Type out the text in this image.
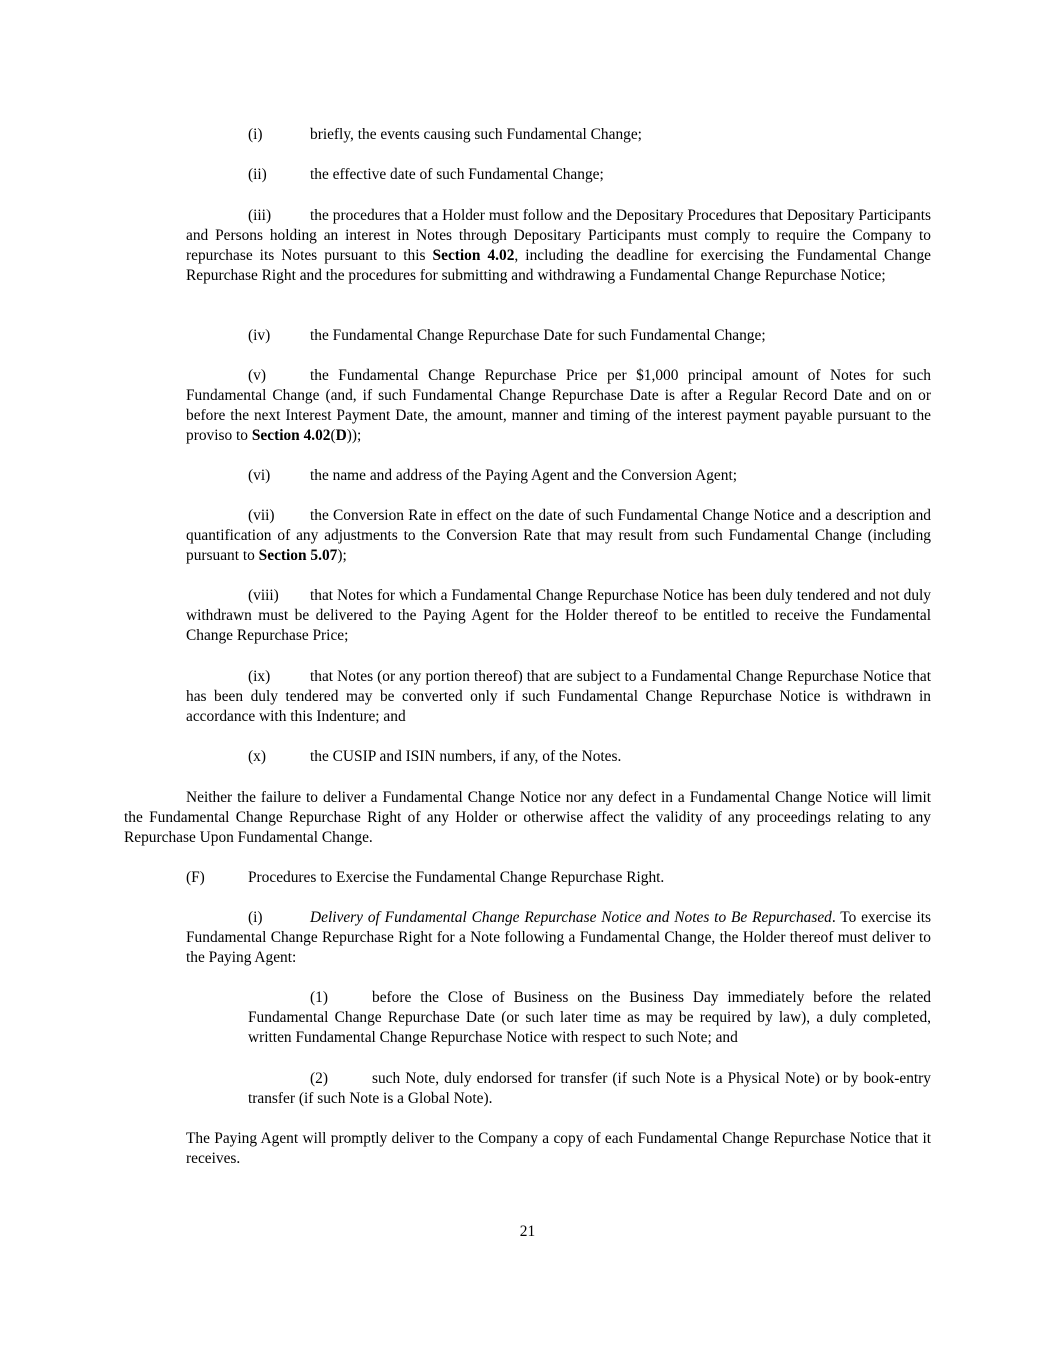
(i)	briefly, the events causing such Fundamental Change;
(ii)	the effective date of such Fundamental Change;
(iii)	the procedures that a Holder must follow and the Depositary Procedures that Depositary Participants and Persons holding an interest in Notes through Depositary Participants must comply to require the Company to repurchase its Notes pursuant to this Section 4.02, including the deadline for exercising the Fundamental Change Repurchase Right and the procedures for submitting and withdrawing a Fundamental Change Repurchase Notice;
(iv)	the Fundamental Change Repurchase Date for such Fundamental Change;
(v)	the Fundamental Change Repurchase Price per $1,000 principal amount of Notes for such Fundamental Change (and, if such Fundamental Change Repurchase Date is after a Regular Record Date and on or before the next Interest Payment Date, the amount, manner and timing of the interest payment payable pursuant to the proviso to Section 4.02(D));
(vi)	the name and address of the Paying Agent and the Conversion Agent;
(vii) the Conversion Rate in effect on the date of such Fundamental Change Notice and a description and quantification of any adjustments to the Conversion Rate that may result from such Fundamental Change (including pursuant to Section 5.07);
(viii) that Notes for which a Fundamental Change Repurchase Notice has been duly tendered and not duly withdrawn must be delivered to the Paying Agent for the Holder thereof to be entitled to receive the Fundamental Change Repurchase Price;
(ix)	that Notes (or any portion thereof) that are subject to a Fundamental Change Repurchase Notice that has been duly tendered may be converted only if such Fundamental Change Repurchase Notice is withdrawn in accordance with this Indenture; and
(x)	the CUSIP and ISIN numbers, if any, of the Notes.
Neither the failure to deliver a Fundamental Change Notice nor any defect in a Fundamental Change Notice will limit the Fundamental Change Repurchase Right of any Holder or otherwise affect the validity of any proceedings relating to any Repurchase Upon Fundamental Change.
(F)	Procedures to Exercise the Fundamental Change Repurchase Right.
(i)	Delivery of Fundamental Change Repurchase Notice and Notes to Be Repurchased. To exercise its Fundamental Change Repurchase Right for a Note following a Fundamental Change, the Holder thereof must deliver to the Paying Agent:
(1)	before the Close of Business on the Business Day immediately before the related Fundamental Change Repurchase Date (or such later time as may be required by law), a duly completed, written Fundamental Change Repurchase Notice with respect to such Note; and
(2)	such Note, duly endorsed for transfer (if such Note is a Physical Note) or by book-entry transfer (if such Note is a Global Note).
The Paying Agent will promptly deliver to the Company a copy of each Fundamental Change Repurchase Notice that it receives.
21
